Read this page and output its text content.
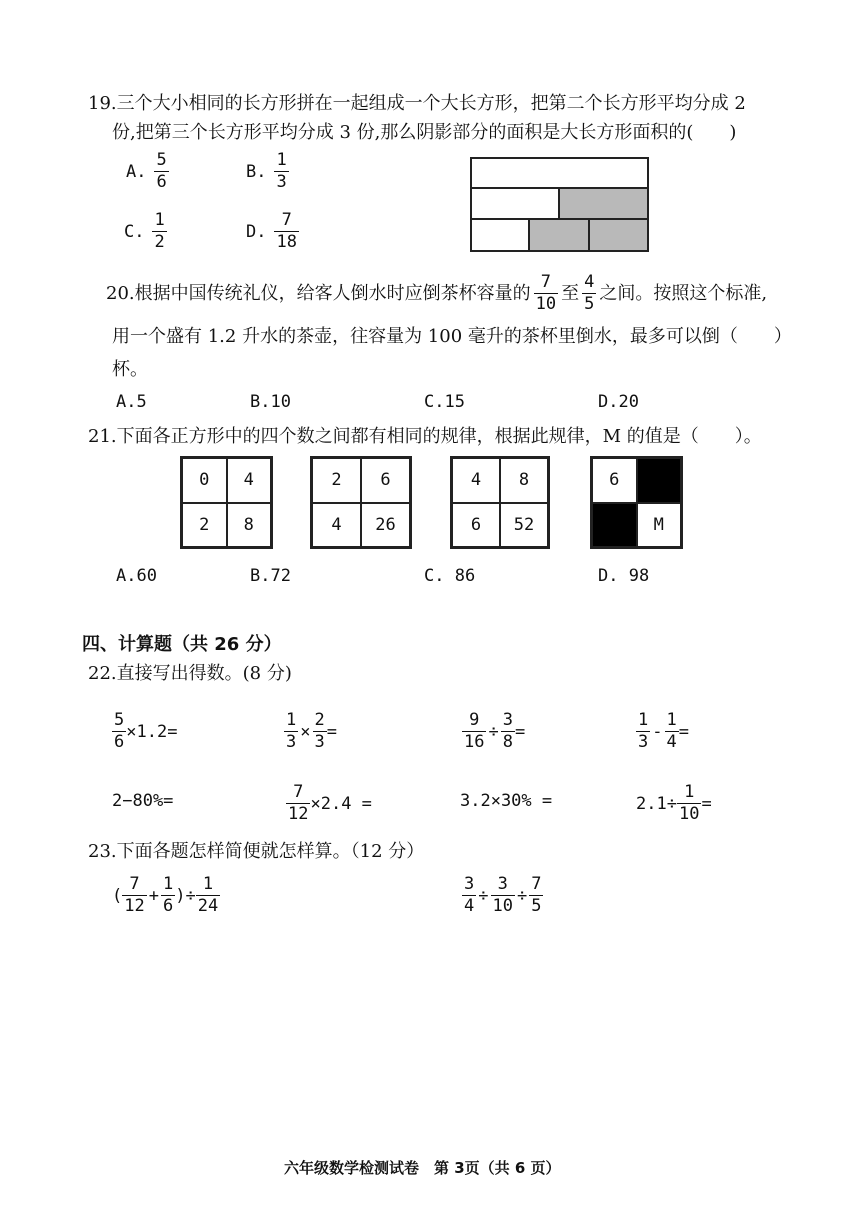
19.三个大小相同的长方形拼在一起组成一个大长方形，把第二个长方形平均分成 2
份,把第三个长方形平均分成 3 份,那么阴影部分的面积是大长方形面积的(　　)
A. $\frac{5}{6}$	B. $\frac{1}{3}$
C. $\frac{1}{2}$	D. $\frac{7}{18}$
20.根据中国传统礼仪，给客人倒水时应倒茶杯容量的 $\frac{7}{10}$ 至 $\frac{4}{5}$ 之间。按照这个标准,
用一个盛有 1.2 升水的茶壶，往容量为 100 毫升的茶杯里倒水，最多可以倒（　　）
杯。
A.5	B.10	C.15	D.20
21.下面各正方形中的四个数之间都有相同的规律，根据此规律，M 的值是（　　）。
0	4
2	8
2	6
4	26
4	8
6	52
6
M
A.60	B.72	C. 86	D. 98
四、计算题（共 26 分）
22.直接写出得数。(8 分)
$\frac{5}{6} \times 1.2=$	$\frac{1}{3} \times \frac{2}{3}$ =	$\frac{9}{16} \div \frac{3}{8}$ =	$\frac{1}{3} - \frac{1}{4}$ =
2−80%=	$\frac{7}{12} \times 2.4$ =	3.2×30% =	$2.1\div \frac{1}{10}$ =
23.下面各题怎样简便就怎样算。（12 分）
( $\frac{7}{12} + \frac{1}{6}$ )÷ $\frac{1}{24}$	$\frac{3}{4} \div \frac{3}{10} \div \frac{7}{5}$
六年级数学检测试卷　第 3页（共 6 页）
